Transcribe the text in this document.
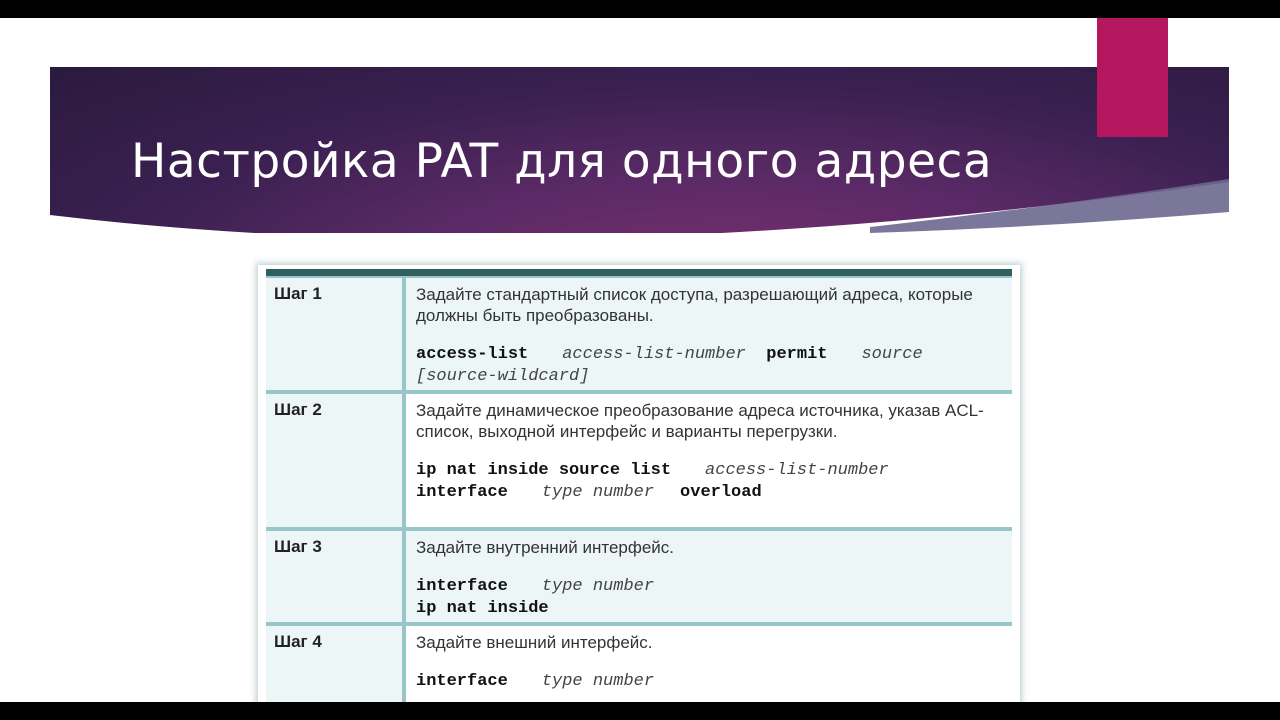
Настройка PAT для одного адреса
Шаг 1	Задайте стандартный список доступа, разрешающий адреса, которые должны быть преобразованы.
access-list access-list-number permit source
[source-wildcard]
Шаг 2	Задайте динамическое преобразование адреса источника, указав ACL-список, выходной интерфейс и варианты перегрузки.
ip nat inside source list access-list-number
interface type number overload
Шаг 3	Задайте внутренний интерфейс.
interface type number
ip nat inside
Шаг 4	Задайте внешний интерфейс.
interface type number
